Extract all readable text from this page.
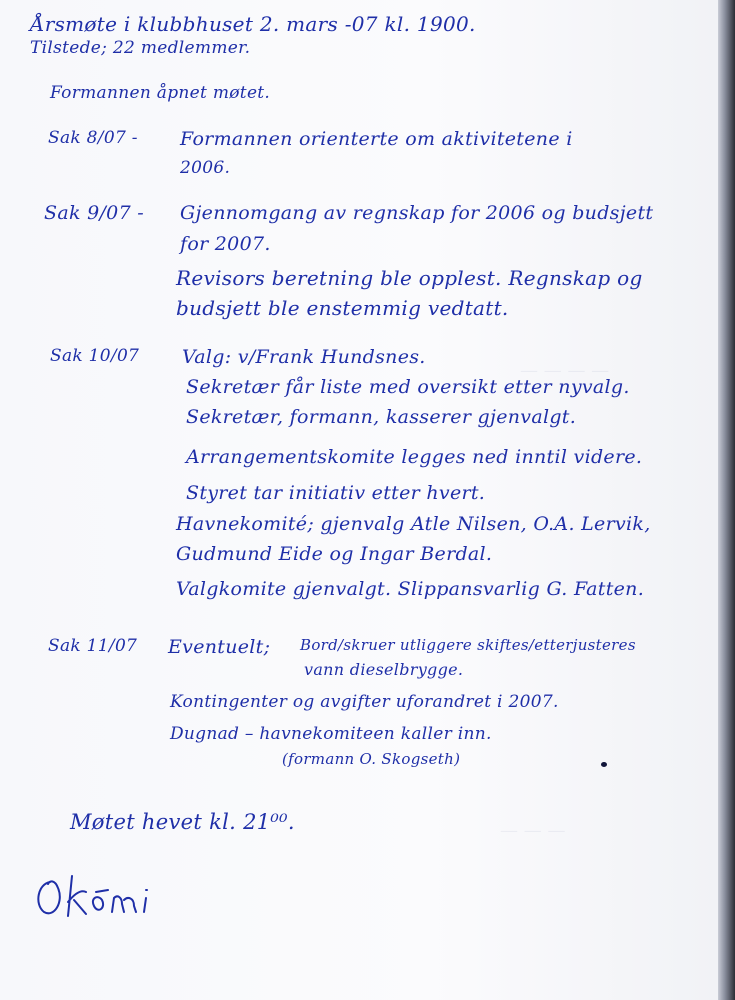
— — — —
— — —
Årsmøte i klubbhuset 2. mars -07 kl. 1900.
Tilstede; 22 medlemmer.
Formannen åpnet møtet.
Sak 8/07 - Formannen orienterte om aktivitetene i
2006.
Sak 9/07 - Gjennomgang av regnskap for 2006 og budsjett
for 2007.
Revisors beretning ble opplest. Regnskap og
budsjett ble enstemmig vedtatt.
Sak 10/07 Valg: v/Frank Hundsnes.
Sekretær får liste med oversikt etter nyvalg.
Sekretær, formann, kasserer gjenvalgt.
Arrangementskomite legges ned inntil videre.
Styret tar initiativ etter hvert.
Havnekomité; gjenvalg Atle Nilsen, O.A. Lervik,
Gudmund Eide og Ingar Berdal.
Valgkomite gjenvalgt. Slippansvarlig G. Fatten.
Sak 11/07 Eventuelt; Bord/skruer utliggere skiftes/etterjusteres
vann dieselbrygge.
Kontingenter og avgifter uforandret i 2007.
Dugnad – havnekomiteen kaller inn.
(formann O. Skogseth)
Møtet hevet kl. 21⁰⁰.
